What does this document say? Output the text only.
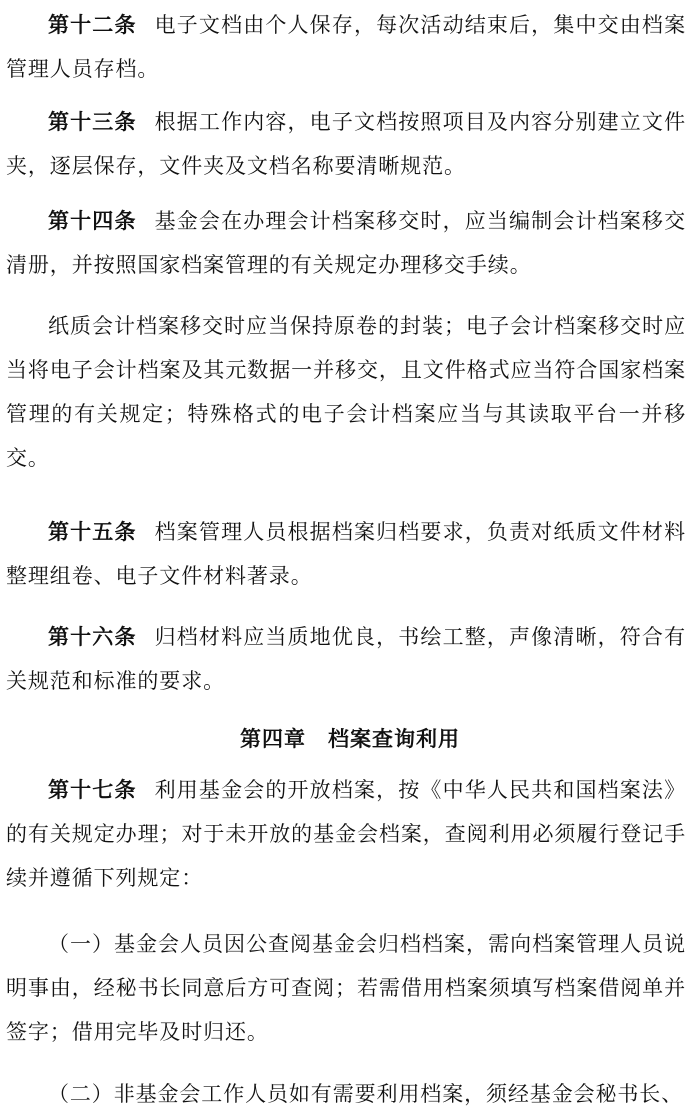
第十二条 电子文档由个人保存，每次活动结束后，集中交由档案管理人员存档。

第十三条 根据工作内容，电子文档按照项目及内容分别建立文件夹，逐层保存，文件夹及文档名称要清晰规范。

第十四条 基金会在办理会计档案移交时，应当编制会计档案移交清册，并按照国家档案管理的有关规定办理移交手续。

纸质会计档案移交时应当保持原卷的封装；电子会计档案移交时应当将电子会计档案及其元数据一并移交，且文件格式应当符合国家档案管理的有关规定；特殊格式的电子会计档案应当与其读取平台一并移交。

第十五条 档案管理人员根据档案归档要求，负责对纸质文件材料整理组卷、电子文件材料著录。

第十六条 归档材料应当质地优良，书绘工整，声像清晰，符合有关规范和标准的要求。

第四章 档案查询利用

第十七条 利用基金会的开放档案，按《中华人民共和国档案法》的有关规定办理；对于未开放的基金会档案，查阅利用必须履行登记手续并遵循下列规定：

（一）基金会人员因公查阅基金会归档档案，需向档案管理人员说明事由，经秘书长同意后方可查阅；若需借用档案须填写档案借阅单并签字；借用完毕及时归还。

（二）非基金会工作人员如有需要利用档案，须经基金会秘书长、
